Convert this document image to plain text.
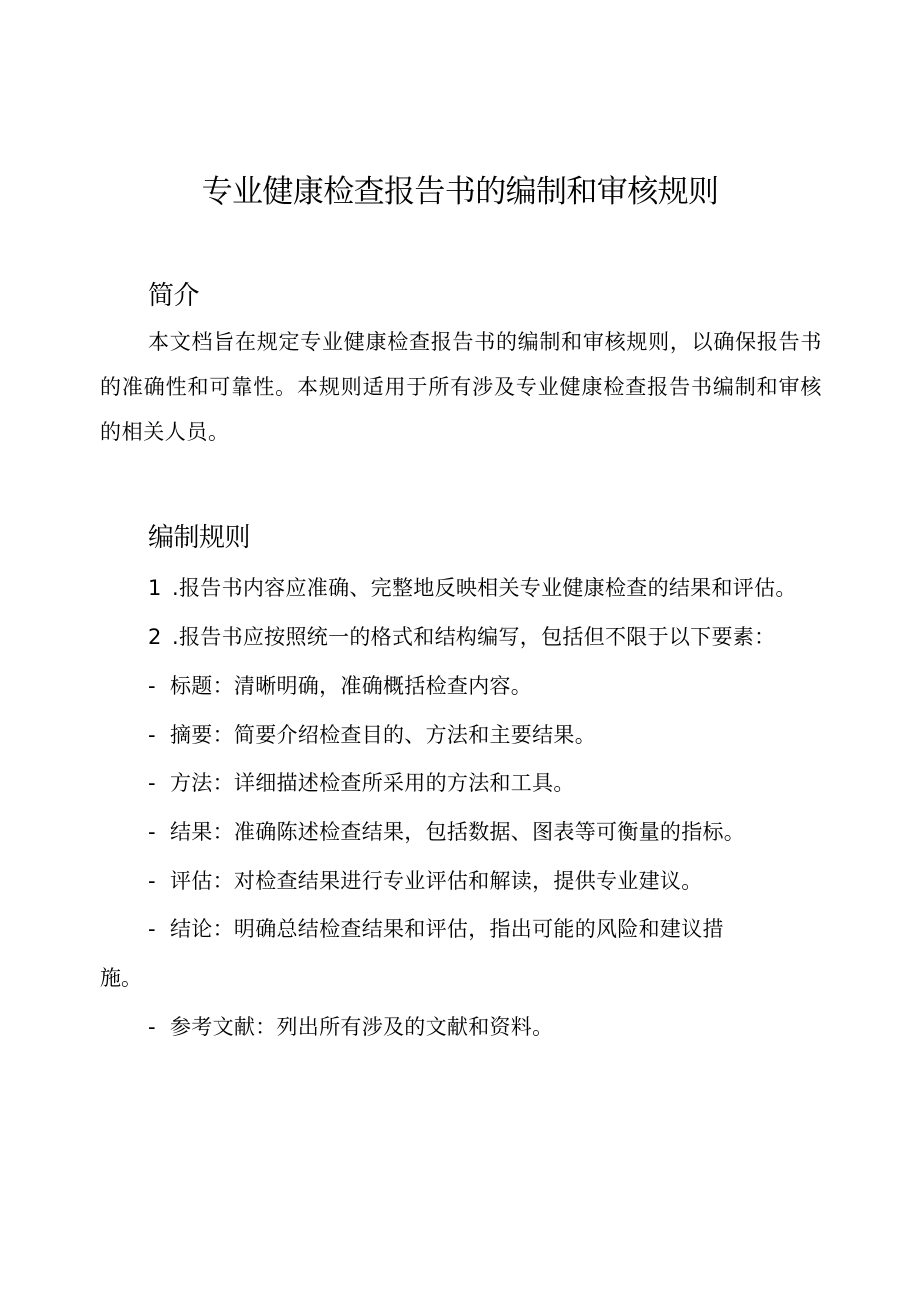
专业健康检查报告书的编制和审核规则
简介

本文档旨在规定专业健康检查报告书的编制和审核规则，以确保报告书的准确性和可靠性。本规则适用于所有涉及专业健康检查报告书编制和审核的相关人员。

编制规则
1 .报告书内容应准确、完整地反映相关专业健康检查的结果和评估。
2 .报告书应按照统一的格式和结构编写，包括但不限于以下要素：
- 标题：清晰明确，准确概括检查内容。
- 摘要：简要介绍检查目的、方法和主要结果。
- 方法：详细描述检查所采用的方法和工具。
- 结果：准确陈述检查结果，包括数据、图表等可衡量的指标。
- 评估：对检查结果进行专业评估和解读，提供专业建议。
- 结论：明确总结检查结果和评估，指出可能的风险和建议措
施。
- 参考文献：列出所有涉及的文献和资料。
